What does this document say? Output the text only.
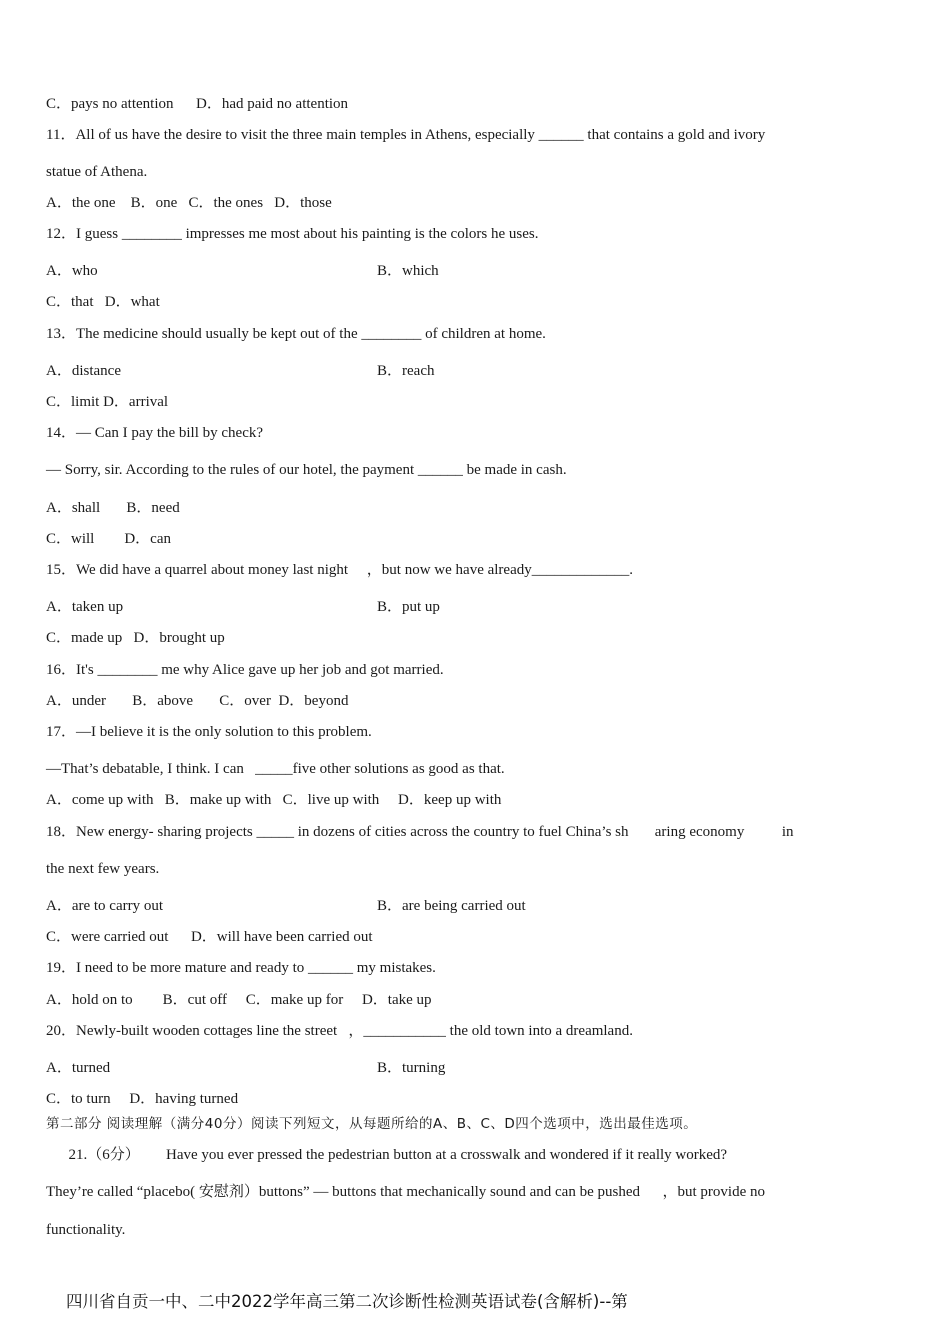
C．pays no attention      D．had paid no attention
11．All of us have the desire to visit the three main temples in Athens, especially ______ that contains a gold and ivory
statue of Athena.
A．the one    B．one   C．the ones   D．those
12．I guess ________ impresses me most about his painting is the colors he uses.
A．who	B．which
C．that   D．what
13．The medicine should usually be kept out of the ________ of children at home.
A．distance	B．reach
C．limit D．arrival
14．— Can I pay the bill by check?
— Sorry, sir. According to the rules of our hotel, the payment ______ be made in cash.
A．shall       B．need
C．will        D．can
15．We did have a quarrel about money last night     ，but now we have already_____________.
A．taken up	B．put up
C．made up   D．brought up
16．It's ________ me why Alice gave up her job and got married.
A．under       B．above       C．over  D．beyond
17．—I believe it is the only solution to this problem.
—That’s debatable, I think. I can   _____five other solutions as good as that.
A．come up with   B．make up with   C．live up with     D．keep up with
18．New energy- sharing projects _____ in dozens of cities across the country to fuel China’s sh       aring economy          in
the next few years.
A．are to carry out	B．are being carried out
C．were carried out      D．will have been carried out
19．I need to be more mature and ready to ______ my mistakes.
A．hold on to        B．cut off     C．make up for     D．take up
20．Newly-built wooden cottages line the street   ，___________ the old town into a dreamland.
A．turned	B．turning
C．to turn     D．having turned
第二部分 阅读理解（满分40分）阅读下列短文，从每题所给的A、B、C、D四个选项中，选出最佳选项。
21.（6分）       Have you ever pressed the pedestrian button at a crosswalk and wondered if it really worked?
They’re called “placebo( 安慰剂）buttons” — buttons that mechanically sound and can be pushed      ，but provide no
functionality.
四川省自贡一中、二中2022学年高三第二次诊断性检测英语试卷(含解析)--第
